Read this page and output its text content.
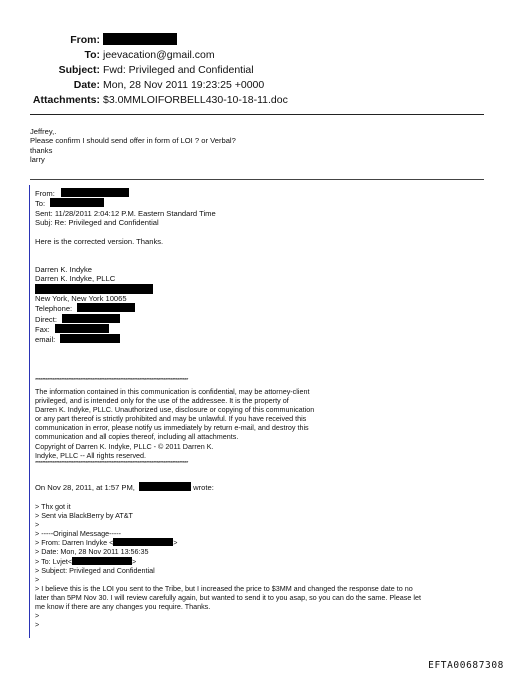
From:
To: jeevacation@gmail.com
Subject: Fwd: Privileged and Confidential
Date: Mon, 28 Nov 2011 19:23:25 +0000
Attachments: $3.0MMLOIFORBELL430-10-18-11.doc
Jeffrey,.
Please confirm I should send offer in form of LOI ? or Verbal?
thanks
larry
From:
To:
Sent: 11/28/2011 2:04:12 P.M. Eastern Standard Time
Subj: Re: Privileged and Confidential
Here is the corrected version. Thanks.
Darren K. Indyke
Darren K. Indyke, PLLC
New York, New York 10065
Telephone:
Direct:
Fax:
email:
****************************************************************************************
The information contained in this communication is confidential, may be attorney-client
privileged, and is intended only for the use of the addressee. It is the property of
Darren K. Indyke, PLLC. Unauthorized use, disclosure or copying of this communication
or any part thereof is strictly prohibited and may be unlawful. If you have received this
communication in error, please notify us immediately by return e-mail, and destroy this
communication and all copies thereof, including all attachments.
Copyright of Darren K. Indyke, PLLC - © 2011 Darren K.
Indyke, PLLC -- All rights reserved.
****************************************************************************************
On Nov 28, 2011, at 1:57 PM,	wrote:
> Thx got it
> Sent via BlackBerry by AT&T
>
> -----Original Message-----
> From: Darren Indyke <	>
> Date: Mon, 28 Nov 2011 13:56:35
> To: Lvjet<	>
> Subject: Privileged and Confidential
>
> I believe this is the LOI you sent to the Tribe, but I increased the price to $3MM and changed the response date to no
later than 5PM Nov 30. I will review carefully again, but wanted to send it to you asap, so you can do the same. Please let
me know if there are any changes you require. Thanks.
>
>
EFTA00687308
